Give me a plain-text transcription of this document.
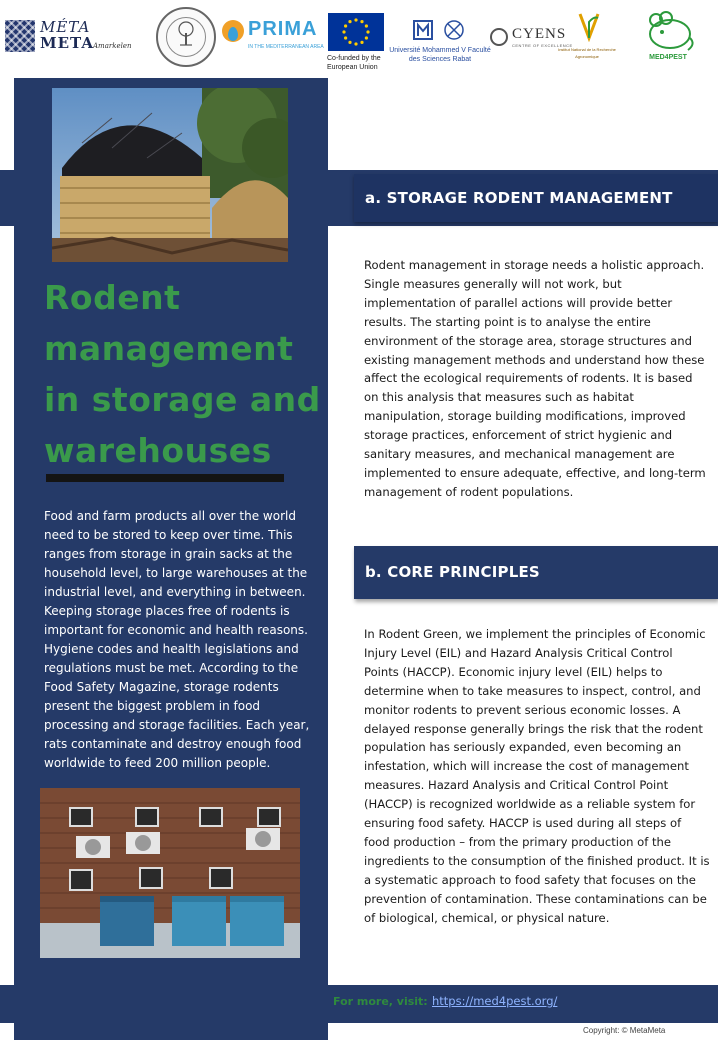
MÉTA
META
Amarkelen
PRIMA
IN THE MEDITERRANEAN AREA
Co-funded by the European Union
Université Mohammed V Faculté des Sciences Rabat
CYENS
CENTRE OF EXCELLENCE
Institut National de la Recherche Agronomique	MED4PEST
Rodent management in storage and warehouses
Food and farm products all over the world need to be stored to keep over time. This ranges from storage in grain sacks at the household level, to large warehouses at the industrial level, and everything in between. Keeping storage places free of rodents is important for economic and health reasons. Hygiene codes and health legislations and regulations must be met. According to the Food Safety Magazine, storage rodents present the biggest problem in food processing and storage facilities. Each year, rats contaminate and destroy enough food worldwide to feed 200 million people.
a. STORAGE RODENT MANAGEMENT
Rodent management in storage needs a holistic approach. Single measures generally will not work, but implementation of parallel actions will provide better results. The starting point is to analyse the entire environment of the storage area, storage structures and existing management methods and understand how these affect the ecological requirements of rodents. It is based on this analysis that measures such as habitat manipulation, storage building modifications, improved storage practices, enforcement of strict hygienic and sanitary measures, and mechanical management are implemented to ensure adequate, effective, and long-term management of rodent populations.
b. CORE PRINCIPLES
In Rodent Green, we implement the principles of Economic Injury Level (EIL) and Hazard Analysis Critical Control Points (HACCP). Economic injury level (EIL) helps to determine when to take measures to inspect, control, and monitor rodents to prevent serious economic losses. A delayed response generally brings the risk that the rodent population has seriously expanded, even becoming an infestation, which will increase the cost of management measures. Hazard Analysis and Critical Control Point (HACCP) is recognized worldwide as a reliable system for ensuring food safety. HACCP is used during all steps of food production – from the primary production of the ingredients to the consumption of the finished product. It is a systematic approach to food safety that focuses on the prevention of contamination. These contaminations can be of biological, chemical, or physical nature.
For more, visit: https://med4pest.org/
Copyright: © MetaMeta
